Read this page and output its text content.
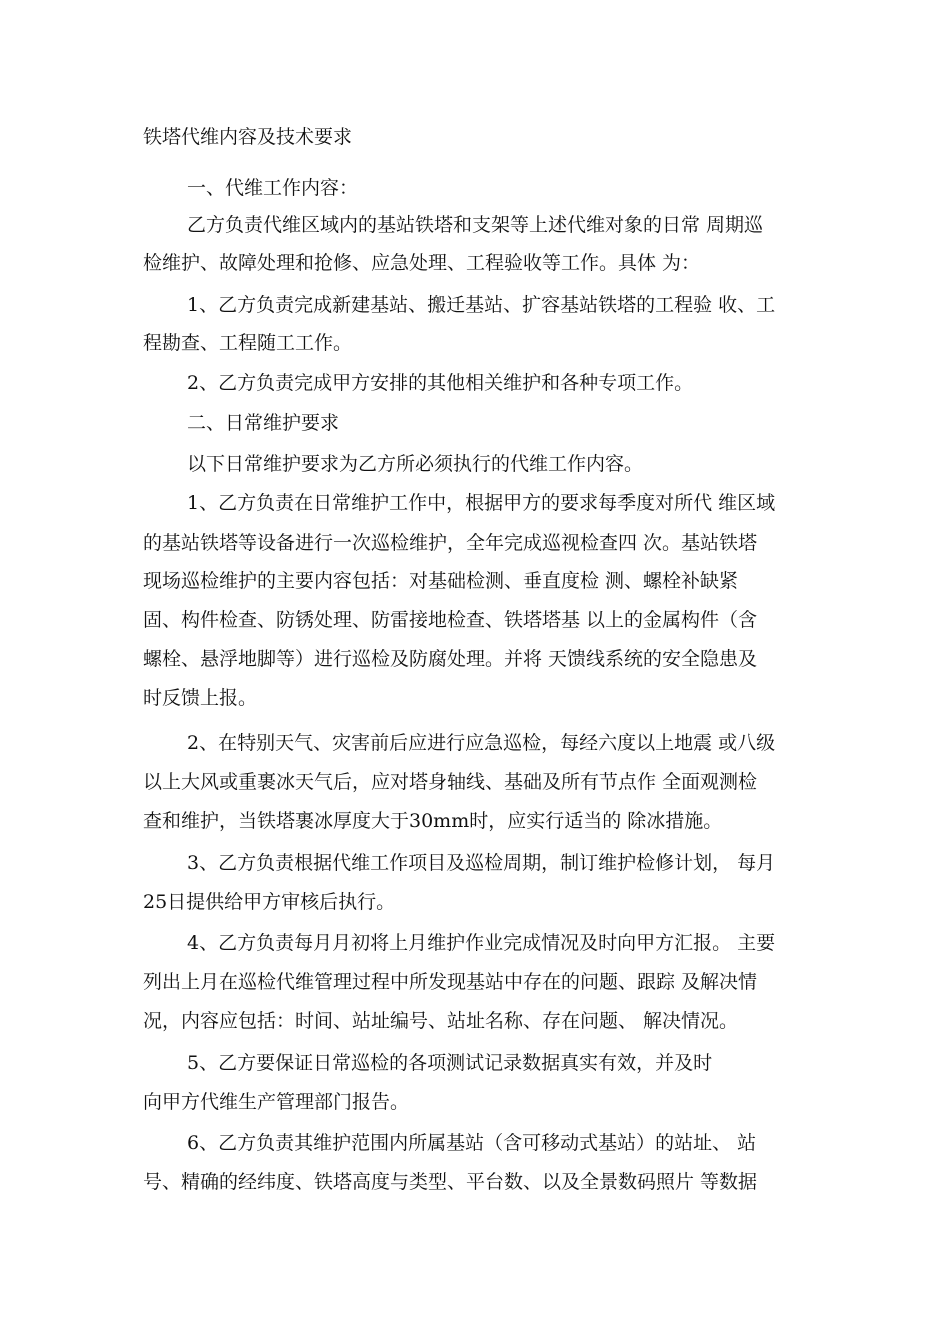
铁塔代维内容及技术要求
一、代维工作内容：
乙方负责代维区域内的基站铁塔和支架等上述代维对象的日常 周期巡
检维护、故障处理和抢修、应急处理、工程验收等工作。具体 为：
1、乙方负责完成新建基站、搬迁基站、扩容基站铁塔的工程验 收、工
程勘查、工程随工工作。
2、乙方负责完成甲方安排的其他相关维护和各种专项工作。
二、日常维护要求
以下日常维护要求为乙方所必须执行的代维工作内容。
1、乙方负责在日常维护工作中，根据甲方的要求每季度对所代 维区域
的基站铁塔等设备进行一次巡检维护，全年完成巡视检查四 次。基站铁塔
现场巡检维护的主要内容包括：对基础检测、垂直度检 测、螺栓补缺紧
固、构件检查、防锈处理、防雷接地检查、铁塔塔基 以上的金属构件（含
螺栓、悬浮地脚等）进行巡检及防腐处理。并将 天馈线系统的安全隐患及
时反馈上报。
2、在特别天气、灾害前后应进行应急巡检，每经六度以上地震 或八级
以上大风或重裹冰天气后，应对塔身轴线、基础及所有节点作 全面观测检
查和维护，当铁塔裹冰厚度大于30mm时，应实行适当的 除冰措施。
3、乙方负责根据代维工作项目及巡检周期，制订维护检修计划， 每月
25日提供给甲方审核后执行。
4、乙方负责每月月初将上月维护作业完成情况及时向甲方汇报。 主要
列出上月在巡检代维管理过程中所发现基站中存在的问题、跟踪 及解决情
况，内容应包括：时间、站址编号、站址名称、存在问题、 解决情况。
5、乙方要保证日常巡检的各项测试记录数据真实有效，并及时
向甲方代维生产管理部门报告。
6、乙方负责其维护范围内所属基站（含可移动式基站）的站址、 站
号、精确的经纬度、铁塔高度与类型、平台数、以及全景数码照片 等数据
